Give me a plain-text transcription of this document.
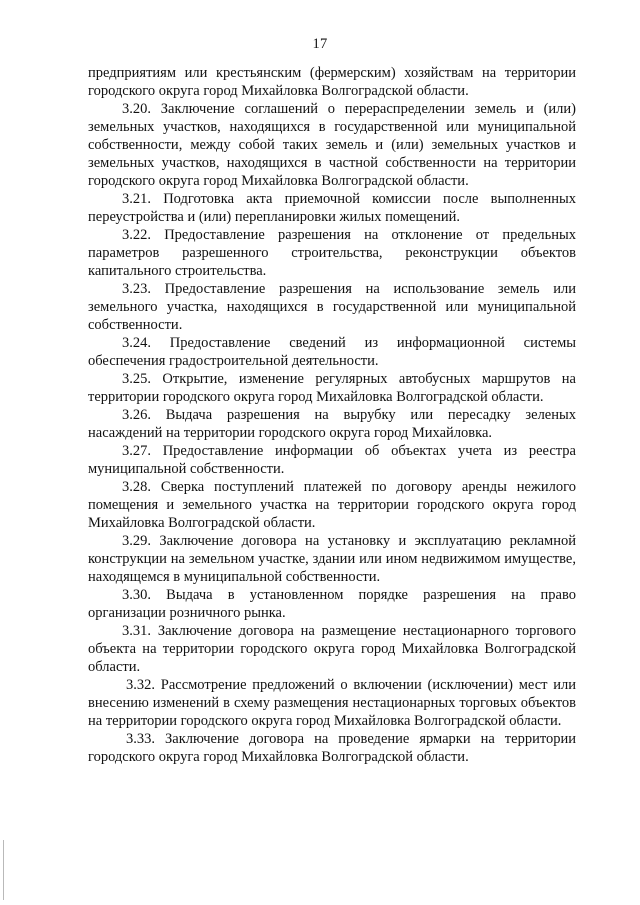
17

предприятиям или крестьянским (фермерским) хозяйствам на территории городского округа город Михайловка Волгоградской области.

3.20. Заключение соглашений о перераспределении земель и (или) земельных участков, находящихся в государственной или муниципальной собственности, между собой таких земель и (или) земельных участков и земельных участков, находящихся в частной собственности на территории городского округа город Михайловка Волгоградской области.

3.21. Подготовка акта приемочной комиссии после выполненных переустройства и (или) перепланировки жилых помещений.

3.22. Предоставление разрешения на отклонение от предельных параметров разрешенного строительства, реконструкции объектов капитального строительства.

3.23. Предоставление разрешения на использование земель или земельного участка, находящихся в государственной или муниципальной собственности.

3.24. Предоставление сведений из информационной системы обеспечения градостроительной деятельности.

3.25. Открытие, изменение регулярных автобусных маршрутов на территории городского округа город Михайловка Волгоградской области.

3.26. Выдача разрешения на вырубку или пересадку зеленых насаждений на территории городского округа город Михайловка.

3.27. Предоставление информации об объектах учета из реестра муниципальной собственности.

3.28. Сверка поступлений платежей по договору аренды нежилого помещения и земельного участка на территории городского округа город Михайловка Волгоградской области.

3.29. Заключение договора на установку и эксплуатацию рекламной конструкции на земельном участке, здании или ином недвижимом имуществе, находящемся в муниципальной собственности.

3.30. Выдача в установленном порядке разрешения на право организации розничного рынка.

3.31. Заключение договора на размещение нестационарного торгового объекта на территории городского округа город Михайловка Волгоградской области.

3.32. Рассмотрение предложений о включении (исключении) мест или внесению изменений в схему размещения нестационарных торговых объектов на территории городского округа город Михайловка Волгоградской области.

3.33. Заключение договора на проведение ярмарки на территории городского округа город Михайловка Волгоградской области.
